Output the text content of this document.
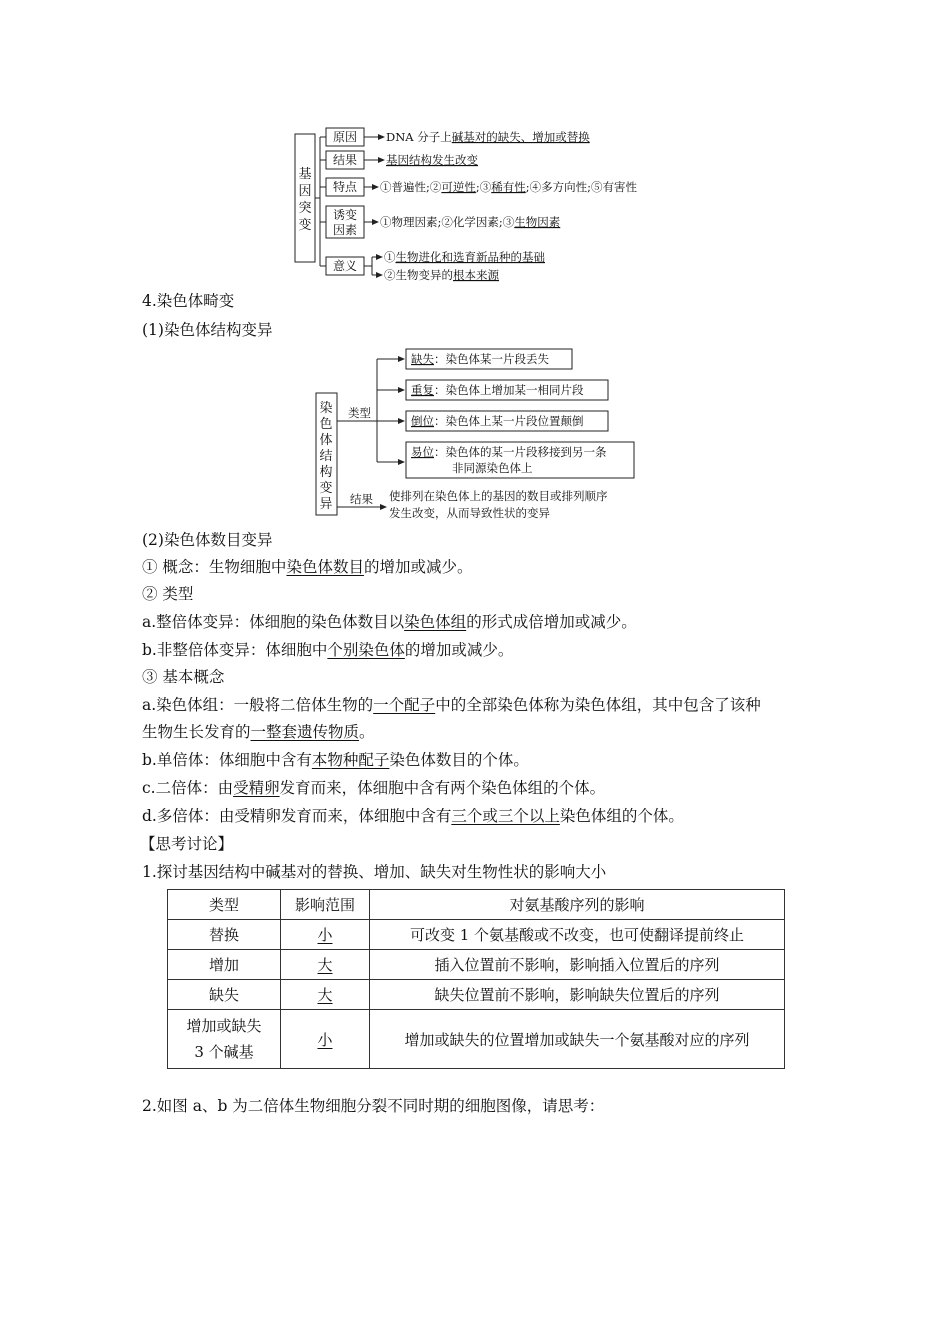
基
因
突
变
原因
结果
特点
诱变
因素
意义
DNA 分子上碱基对的缺失、增加或替换
基因结构发生改变
①普遍性;②可逆性;③稀有性;④多方向性;⑤有害性
①物理因素;②化学因素;③生物因素
①生物进化和选育新品种的基础
②生物变异的根本来源
4.染色体畸变
(1)染色体结构变异
染
色
体
结
构
变
异
类型
结果
缺失：染色体某一片段丢失
重复：染色体上增加某一相同片段
倒位：染色体上某一片段位置颠倒
易位：染色体的某一片段移接到另一条
非同源染色体上
使排列在染色体上的基因的数目或排列顺序
发生改变，从而导致性状的变异
(2)染色体数目变异
① 概念：生物细胞中染色体数目的增加或减少。
② 类型
a.整倍体变异：体细胞的染色体数目以染色体组的形式成倍增加或减少。
b.非整倍体变异：体细胞中个别染色体的增加或减少。
③ 基本概念
a.染色体组：一般将二倍体生物的一个配子中的全部染色体称为染色体组，其中包含了该种
生物生长发育的一整套遗传物质。
b.单倍体：体细胞中含有本物种配子染色体数目的个体。
c.二倍体：由受精卵发育而来，体细胞中含有两个染色体组的个体。
d.多倍体：由受精卵发育而来，体细胞中含有三个或三个以上染色体组的个体。
【思考讨论】
1.探讨基因结构中碱基对的替换、增加、缺失对生物性状的影响大小
类型	影响范围	对氨基酸序列的影响
替换	小	可改变 1 个氨基酸或不改变，也可使翻译提前终止
增加	大	插入位置前不影响，影响插入位置后的序列
缺失	大	缺失位置前不影响，影响缺失位置后的序列

增加或缺失
3 个碱基	小	增加或缺失的位置增加或缺失一个氨基酸对应的序列
2.如图 a、b 为二倍体生物细胞分裂不同时期的细胞图像，请思考：
